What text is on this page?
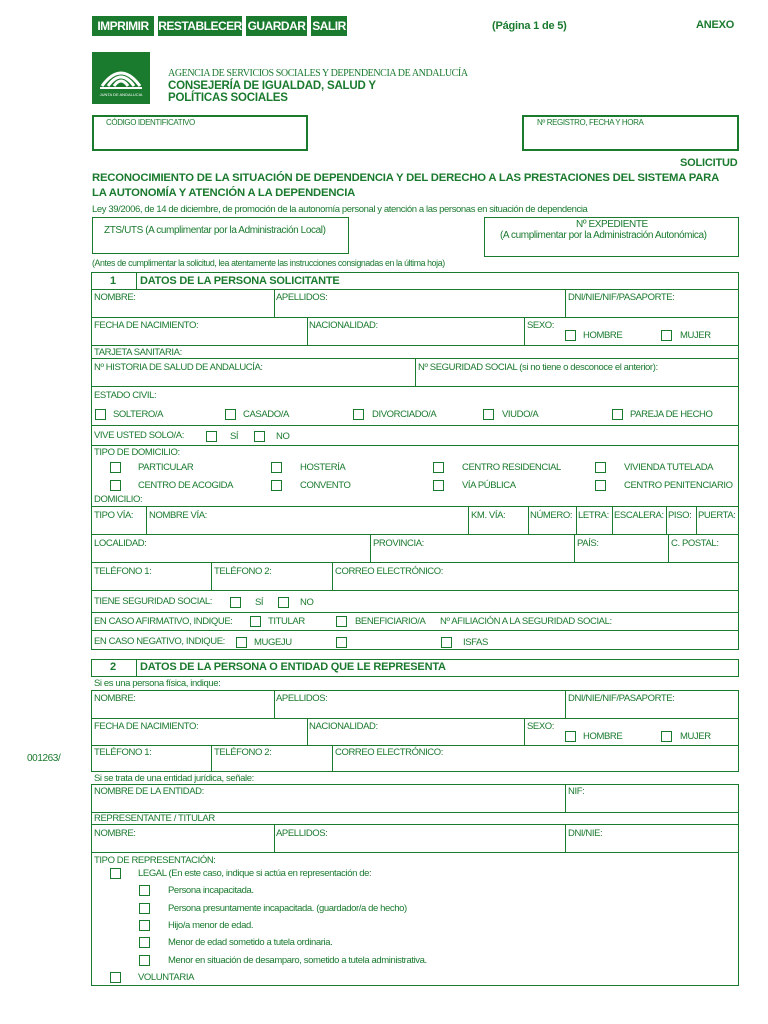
IMPRIMIR RESTABLECER GUARDAR SALIR	(Página 1 de 5)	ANEXO
JUNTA DE ANDALUCIA
AGENCIA DE SERVICIOS SOCIALES Y DEPENDENCIA DE ANDALUCÍA
CONSEJERÍA DE IGUALDAD, SALUD Y
POLÍTICAS SOCIALES
CÓDIGO IDENTIFICATIVO	Nº REGISTRO, FECHA Y HORA
SOLICITUD
RECONOCIMIENTO DE LA SITUACIÓN DE DEPENDENCIA Y DEL DERECHO A LAS PRESTACIONES DEL SISTEMA PARA
LA AUTONOMÍA Y ATENCIÓN A LA DEPENDENCIA
Ley 39/2006, de 14 de diciembre, de promoción de la autonomía personal y atención a las personas en situación de dependencia
ZTS/UTS (A cumplimentar por la Administración Local)
Nº EXPEDIENTE
(A cumplimentar por la Administración Autonómica)
(Antes de cumplimentar la solicitud, lea atentamente las instrucciones consignadas en la última hoja)
001263/
1 DATOS DE LA PERSONA SOLICITANTE
NOMBRE:	APELLIDOS:	DNI/NIE/NIF/PASAPORTE:
FECHA DE NACIMIENTO:	NACIONALIDAD:	SEXO:
HOMBRE	MUJER
TARJETA SANITARIA:
Nº HISTORIA DE SALUD DE ANDALUCÍA:	Nº SEGURIDAD SOCIAL (si no tiene o desconoce el anterior):
ESTADO CIVIL:
SOLTERO/A	CASADO/A	DIVORCIADO/A	VIUDO/A	PAREJA DE HECHO
VIVE USTED SOLO/A:	SÍ	NO
TIPO DE DOMICILIO:
PARTICULAR	HOSTERÍA	CENTRO RESIDENCIAL	VIVIENDA TUTELADA
CENTRO DE ACOGIDA	CONVENTO	VÍA PÚBLICA	CENTRO PENITENCIARIO
DOMICILIO:
TIPO VÍA: NOMBRE VÍA:	KM. VÍA:	NÚMERO: LETRA: ESCALERA: PISO: PUERTA:
LOCALIDAD:	PROVINCIA:	PAÍS:	C. POSTAL:
TELÉFONO 1:	TELÉFONO 2:	CORREO ELECTRÓNICO:
TIENE SEGURIDAD SOCIAL:	SÍ	NO
EN CASO AFIRMATIVO, INDIQUE:	TITULAR	BENEFICIARIO/A Nº AFILIACIÓN A LA SEGURIDAD SOCIAL:
EN CASO NEGATIVO, INDIQUE:	MUGEJU	ISFAS
2 DATOS DE LA PERSONA O ENTIDAD QUE LE REPRESENTA
Si es una persona física, indique:
NOMBRE:	APELLIDOS:	DNI/NIE/NIF/PASAPORTE:
FECHA DE NACIMIENTO:	NACIONALIDAD:	SEXO:
HOMBRE	MUJER
TELÉFONO 1:	TELÉFONO 2:	CORREO ELECTRÓNICO:
Si se trata de una entidad jurídica, señale:
NOMBRE DE LA ENTIDAD:	NIF:
REPRESENTANTE / TITULAR
NOMBRE:	APELLIDOS:	DNI/NIE:
TIPO DE REPRESENTACIÓN:
LEGAL (En este caso, indique si actúa en representación de:
Persona incapacitada.
Persona presuntamente incapacitada. (guardador/a de hecho)
Hijo/a menor de edad.
Menor de edad sometido a tutela ordinaria.
Menor en situación de desamparo, sometido a tutela administrativa.
VOLUNTARIA
